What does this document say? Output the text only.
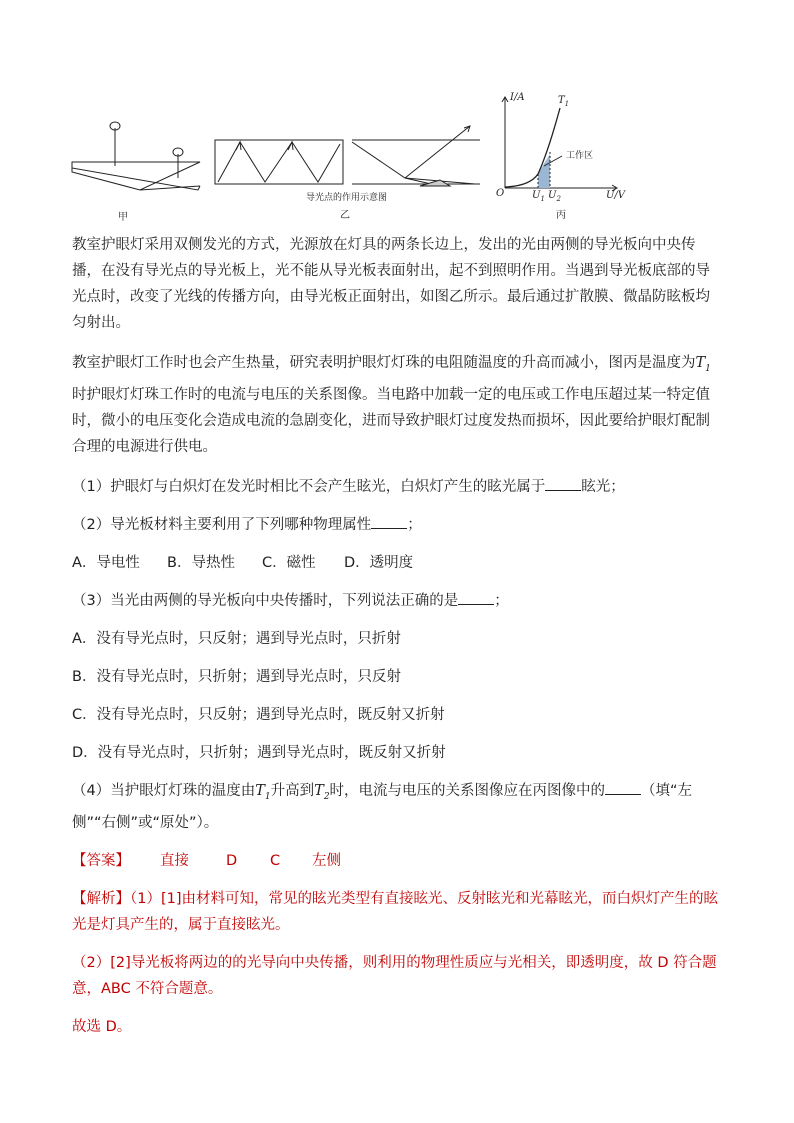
甲
导光点的作用示意图
乙
I/A	$T_1$
工作区
O	$U_1$ $U_2$	U/V
丙

教室护眼灯采用双侧发光的方式，光源放在灯具的两条长边上，发出的光由两侧的导光板向中央传播，在没有导光点的导光板上，光不能从导光板表面射出，起不到照明作用。当遇到导光板底部的导光点时，改变了光线的传播方向，由导光板正面射出，如图乙所示。最后通过扩散膜、微晶防眩板均匀射出。

教室护眼灯工作时也会产生热量，研究表明护眼灯灯珠的电阻随温度的升高而减小，图丙是温度为$T_1$时护眼灯灯珠工作时的电流与电压的关系图像。当电路中加载一定的电压或工作电压超过某一特定值时，微小的电压变化会造成电流的急剧变化，进而导致护眼灯过度发热而损坏，因此要给护眼灯配制合理的电源进行供电。

（1）护眼灯与白炽灯在发光时相比不会产生眩光，白炽灯产生的眩光属于 眩光；

（2）导光板材料主要利用了下列哪种物理属性 ；

A．导电性 B．导热性 C．磁性 D．透明度

（3）当光由两侧的导光板向中央传播时，下列说法正确的是 ；

A．没有导光点时，只反射；遇到导光点时，只折射

B．没有导光点时，只折射；遇到导光点时，只反射

C．没有导光点时，只反射；遇到导光点时，既反射又折射

D．没有导光点时，只折射；遇到导光点时，既反射又折射

（4）当护眼灯灯珠的温度由$T_1$升高到$T_2$时，电流与电压的关系图像应在丙图像中的 （填“左侧”“右侧”或“原处”）。

【答案】 直接	D C 左侧

【解析】（1）[1]由材料可知，常见的眩光类型有直接眩光、反射眩光和光幕眩光，而白炽灯产生的眩光是灯具产生的，属于直接眩光。

（2）[2]导光板将两边的的光导向中央传播，则利用的物理性质应与光相关，即透明度，故 D 符合题意，ABC 不符合题意。

故选 D。
